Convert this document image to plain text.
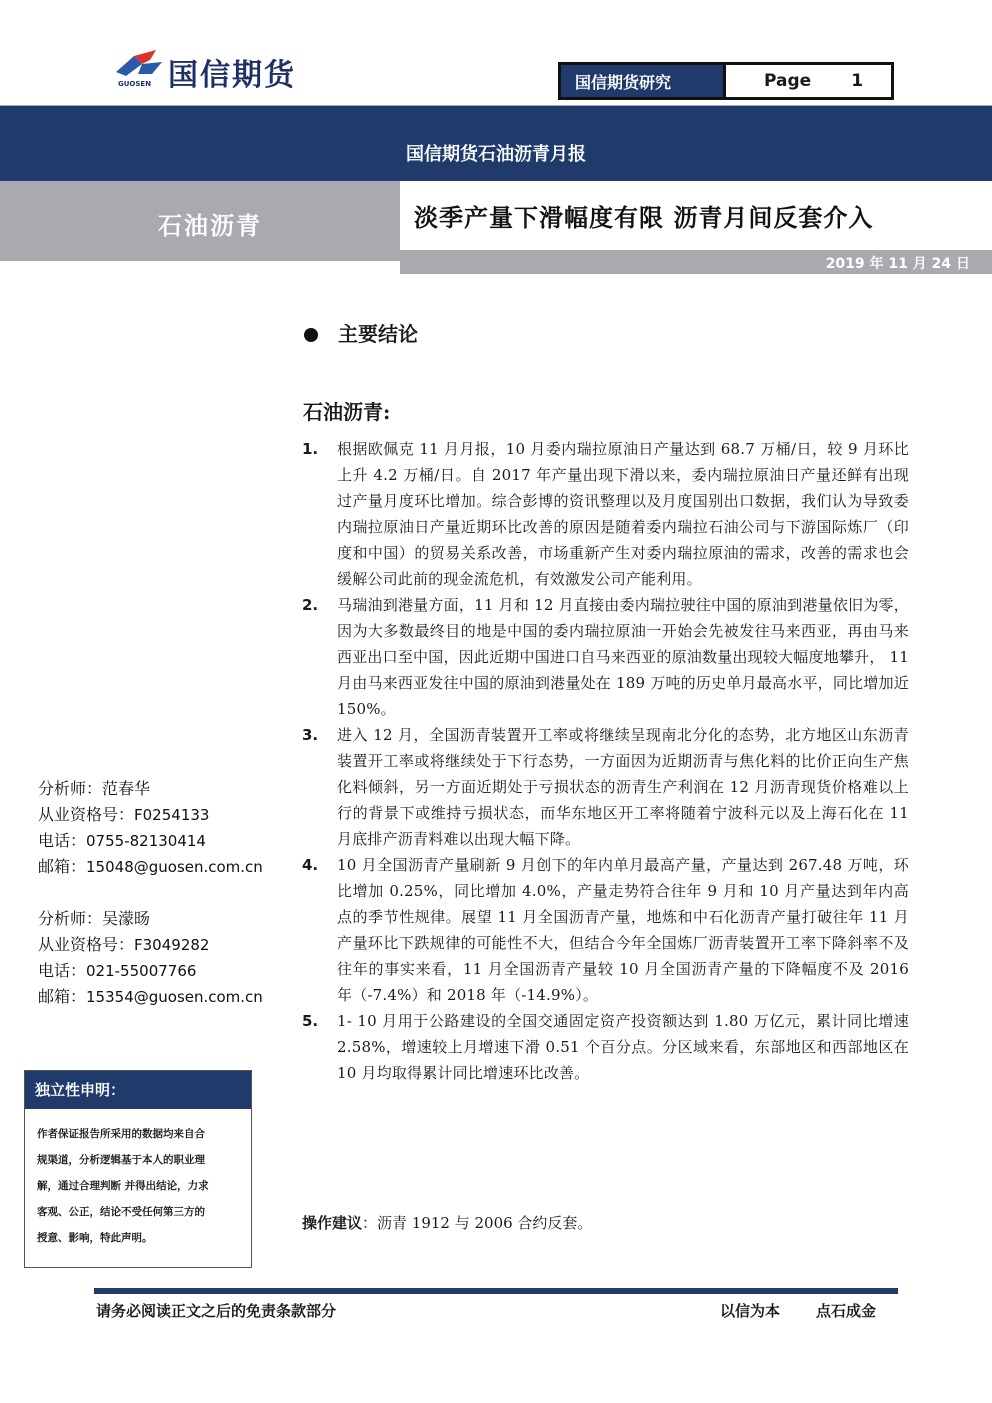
国信期货
GUOSEN	国信期货研究	Page 1
国信期货石油沥青月报
石油沥青	淡季产量下滑幅度有限 沥青月间反套介入
2019 年 11 月 24 日
主要结论
石油沥青:
1.	根据欧佩克 11 月月报，10 月委内瑞拉原油日产量达到 68.7 万桶/日，较 9 月环比上升 4.2 万桶/日。自 2017 年产量出现下滑以来，委内瑞拉原油日产量还鲜有出现过产量月度环比增加。综合彭博的资讯整理以及月度国别出口数据，我们认为导致委内瑞拉原油日产量近期环比改善的原因是随着委内瑞拉石油公司与下游国际炼厂（印度和中国）的贸易关系改善，市场重新产生对委内瑞拉原油的需求，改善的需求也会缓解公司此前的现金流危机，有效激发公司产能利用。
2.	马瑞油到港量方面，11 月和 12 月直接由委内瑞拉驶往中国的原油到港量依旧为零，因为大多数最终目的地是中国的委内瑞拉原油一开始会先被发往马来西亚，再由马来西亚出口至中国，因此近期中国进口自马来西亚的原油数量出现较大幅度地攀升， 11 月由马来西亚发往中国的原油到港量处在 189 万吨的历史单月最高水平，同比增加近 150%。
3.	进入 12 月，全国沥青装置开工率或将继续呈现南北分化的态势，北方地区山东沥青装置开工率或将继续处于下行态势，一方面因为近期沥青与焦化料的比价正向生产焦化料倾斜，另一方面近期处于亏损状态的沥青生产利润在 12 月沥青现货价格难以上行的背景下或维持亏损状态，而华东地区开工率将随着宁波科元以及上海石化在 11 月底排产沥青料难以出现大幅下降。
4.	10 月全国沥青产量刷新 9 月创下的年内单月最高产量，产量达到 267.48 万吨，环比增加 0.25%，同比增加 4.0%，产量走势符合往年 9 月和 10 月产量达到年内高点的季节性规律。展望 11 月全国沥青产量，地炼和中石化沥青产量打破往年 11 月产量环比下跌规律的可能性不大，但结合今年全国炼厂沥青装置开工率下降斜率不及往年的事实来看，11 月全国沥青产量较 10 月全国沥青产量的下降幅度不及 2016 年（-7.4%）和 2018 年（-14.9%）。
5.	1- 10 月用于公路建设的全国交通固定资产投资额达到 1.80 万亿元，累计同比增速 2.58%，增速较上月增速下滑 0.51 个百分点。分区域来看，东部地区和西部地区在 10 月均取得累计同比增速环比改善。
操作建议：沥青 1912 与 2006 合约反套。
分析师：范春华
从业资格号：F0254133
电话：0755-82130414
邮箱：15048@guosen.com.cn
分析师：吴濛旸
从业资格号：F3049282
电话：021-55007766
邮箱：15354@guosen.com.cn
独立性申明：
作者保证报告所采用的数据均来自合
规渠道，分析逻辑基于本人的职业理
解，通过合理判断 并得出结论，力求
客观、公正，结论不受任何第三方的
授意、影响，特此声明。
请务必阅读正文之后的免责条款部分	以信为本 点石成金
